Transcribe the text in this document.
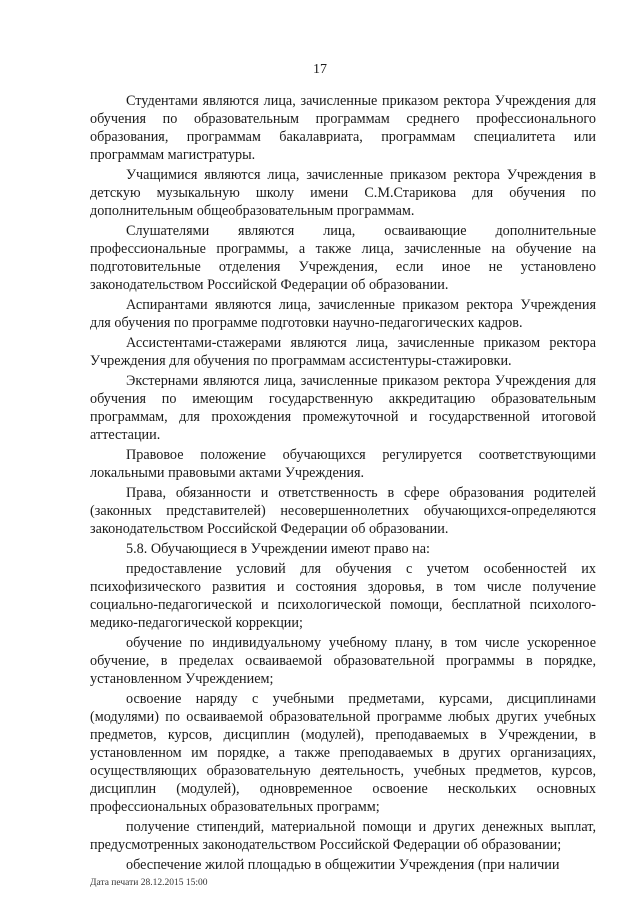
17

Студентами являются лица, зачисленные приказом ректора Учреждения для обучения по образовательным программам среднего профессионального образования, программам бакалавриата, программам специалитета или программам магистратуры.

Учащимися являются лица, зачисленные приказом ректора Учреждения в детскую музыкальную школу имени С.М.Старикова для обучения по дополнительным общеобразовательным программам.

Слушателями являются лица, осваивающие дополнительные профессиональные программы, а также лица, зачисленные на обучение на подготовительные отделения Учреждения, если иное не установлено законодательством Российской Федерации об образовании.

Аспирантами являются лица, зачисленные приказом ректора Учреждения для обучения по программе подготовки научно-педагогических кадров.

Ассистентами-стажерами являются лица, зачисленные приказом ректора Учреждения для обучения по программам ассистентуры-стажировки.

Экстернами являются лица, зачисленные приказом ректора Учреждения для обучения по имеющим государственную аккредитацию образовательным программам, для прохождения промежуточной и государственной итоговой аттестации.

Правовое положение обучающихся регулируется соответствующими локальными правовыми актами Учреждения.

Права, обязанности и ответственность в сфере образования родителей (законных представителей) несовершеннолетних обучающихся-определяются законодательством Российской Федерации об образовании.

5.8. Обучающиеся в Учреждении имеют право на:

предоставление условий для обучения с учетом особенностей их психофизического развития и состояния здоровья, в том числе получение социально-педагогической и психологической помощи, бесплатной психолого-медико-педагогической коррекции;

обучение по индивидуальному учебному плану, в том числе ускоренное обучение, в пределах осваиваемой образовательной программы в порядке, установленном Учреждением;

освоение наряду с учебными предметами, курсами, дисциплинами (модулями) по осваиваемой образовательной программе любых других учебных предметов, курсов, дисциплин (модулей), преподаваемых в Учреждении, в установленном им порядке, а также преподаваемых в других организациях, осуществляющих образовательную деятельность, учебных предметов, курсов, дисциплин (модулей), одновременное освоение нескольких основных профессиональных образовательных программ;

получение стипендий, материальной помощи и других денежных выплат, предусмотренных законодательством Российской Федерации об образовании;

обеспечение жилой площадью в общежитии Учреждения (при наличии

Дата печати 28.12.2015 15:00
